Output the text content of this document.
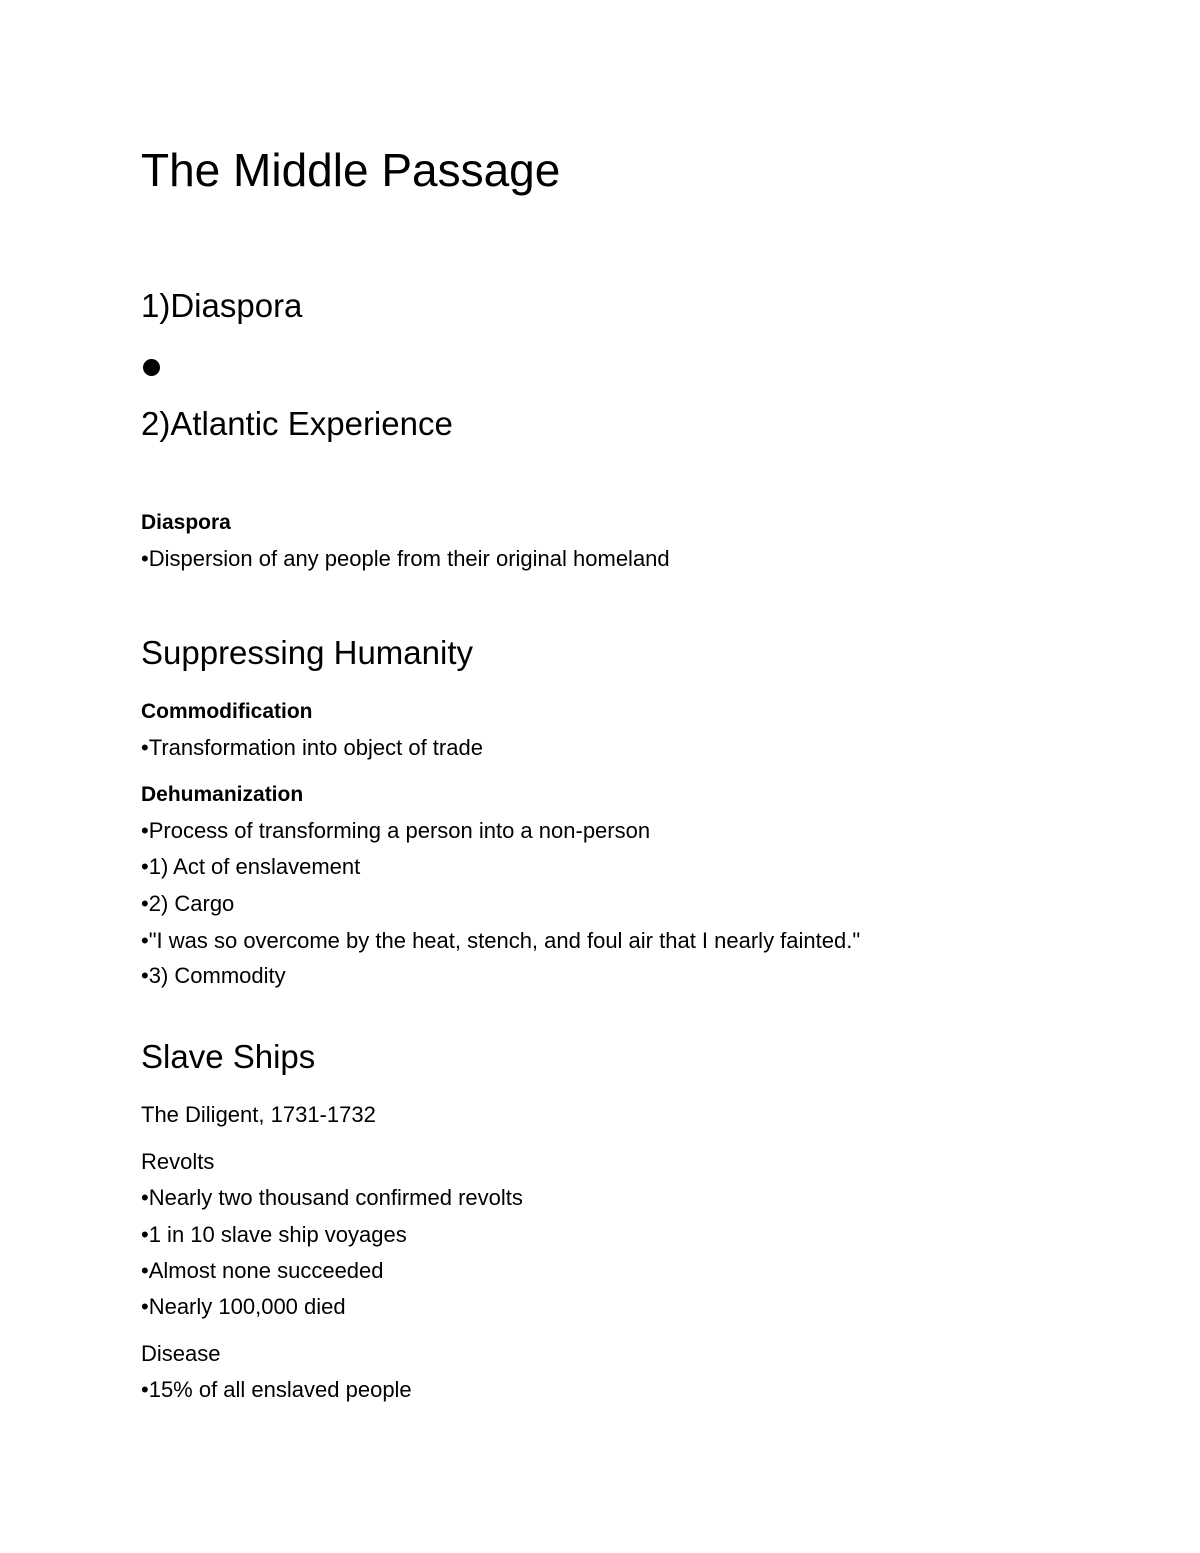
The Middle Passage
1)Diaspora
2)Atlantic Experience
Diaspora
•Dispersion of any people from their original homeland
Suppressing Humanity
Commodification
•Transformation into object of trade
Dehumanization
•Process of transforming a person into a non-person
•1) Act of enslavement
•2) Cargo
•"I was so overcome by the heat, stench, and foul air that I nearly fainted."
•3) Commodity
Slave Ships
The Diligent, 1731-1732
Revolts
•Nearly two thousand confirmed revolts
•1 in 10 slave ship voyages
•Almost none succeeded
•Nearly 100,000 died
Disease
•15% of all enslaved people
